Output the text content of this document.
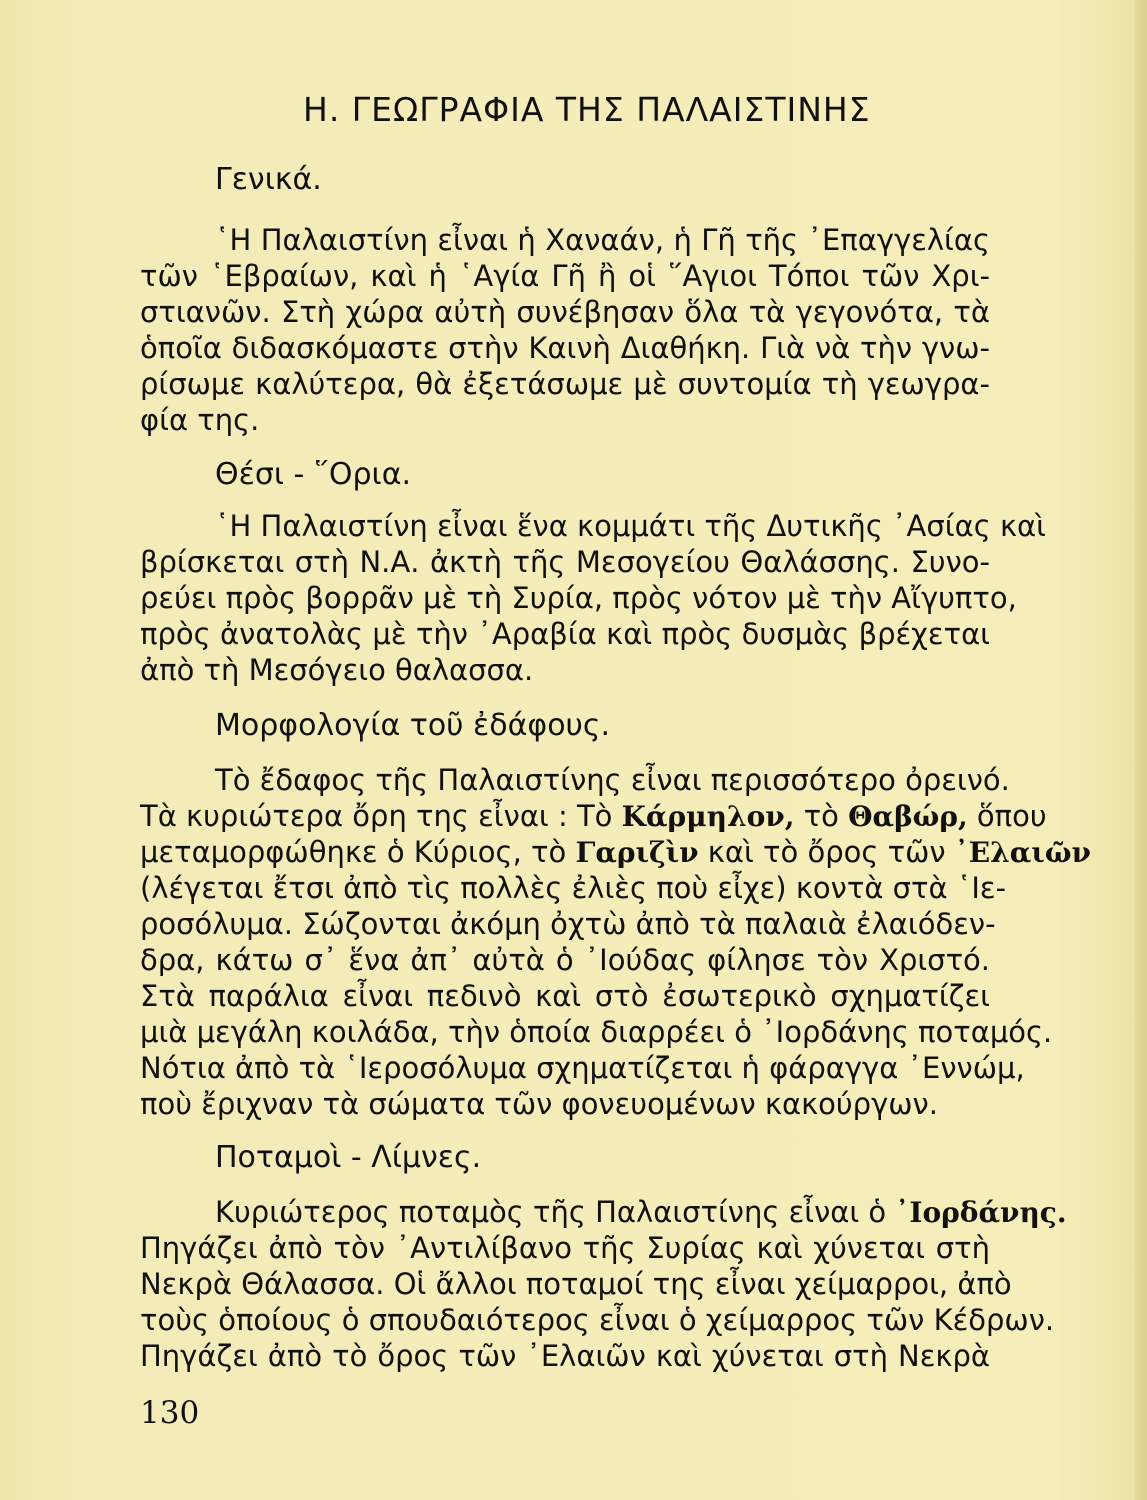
Η. ΓΕΩΓΡΑΦΙΑ ΤΗΣ ΠΑΛΑΙΣΤΙΝΗΣ
Γενικά.
῾Η Παλαιστίνη εἶναι ἡ Χαναάν, ἡ Γῆ τῆς ᾿Επαγγελίας
τῶν ῾Εβραίων, καὶ ἡ ῾Αγία Γῆ ἢ οἱ ῞Αγιοι Τόποι τῶν Χρι-
στιανῶν. Στὴ χώρα αὐτὴ συνέβησαν ὅλα τὰ γεγονότα, τὰ
ὁποῖα διδασκόμαστε στὴν Καινὴ Διαθήκη. Γιὰ νὰ τὴν γνω-
ρίσωμε καλύτερα, θὰ ἐξετάσωμε μὲ συντομία τὴ γεωγρα-
φία της.
Θέσι - ῞Ορια.
῾Η Παλαιστίνη εἶναι ἕνα κομμάτι τῆς Δυτικῆς ᾿Ασίας καὶ
βρίσκεται στὴ Ν.Α. ἀκτὴ τῆς Μεσογείου Θαλάσσης. Συνο-
ρεύει πρὸς βορρᾶν μὲ τὴ Συρία, πρὸς νότον μὲ τὴν Αἴγυπτο,
πρὸς ἀνατολὰς μὲ τὴν ᾿Αραβία καὶ πρὸς δυσμὰς βρέχεται
ἀπὸ τὴ Μεσόγειο θαλασσα.
Μορφολογία τοῦ ἐδάφους.
Τὸ ἔδαφος τῆς Παλαιστίνης εἶναι περισσότερο ὀρεινό.
Τὰ κυριώτερα ὄρη της εἶναι : Τὸ Κάρμηλον, τὸ Θαβώρ, ὅπου
μεταμορφώθηκε ὁ Κύριος, τὸ Γαριζὶν καὶ τὸ ὄρος τῶν ᾿Ελαιῶν
(λέγεται ἔτσι ἀπὸ τὶς πολλὲς ἐλιὲς ποὺ εἶχε) κοντὰ στὰ ῾Ιε-
ροσόλυμα. Σώζονται ἀκόμη ὀχτὼ ἀπὸ τὰ παλαιὰ ἐλαιόδεν-
δρα, κάτω σ᾿ ἕνα ἀπ᾿ αὐτὰ ὁ ᾿Ιούδας φίλησε τὸν Χριστό.
Στὰ παράλια εἶναι πεδινὸ καὶ στὸ ἐσωτερικὸ σχηματίζει
μιὰ μεγάλη κοιλάδα, τὴν ὁποία διαρρέει ὁ ᾿Ιορδάνης ποταμός.
Νότια ἀπὸ τὰ ῾Ιεροσόλυμα σχηματίζεται ἡ φάραγγα ᾿Εννώμ,
ποὺ ἔριχναν τὰ σώματα τῶν φονευομένων κακούργων.
Ποταμοὶ - Λίμνες.
Κυριώτερος ποταμὸς τῆς Παλαιστίνης εἶναι ὁ ᾿Ιορδάνης.
Πηγάζει ἀπὸ τὸν ᾿Αντιλίβανο τῆς Συρίας καὶ χύνεται στὴ
Νεκρὰ Θάλασσα. Οἱ ἄλλοι ποταμοί της εἶναι χείμαρροι, ἀπὸ
τοὺς ὁποίους ὁ σπουδαιότερος εἶναι ὁ χείμαρρος τῶν Κέδρων.
Πηγάζει ἀπὸ τὸ ὄρος τῶν ᾿Ελαιῶν καὶ χύνεται στὴ Νεκρὰ
130
